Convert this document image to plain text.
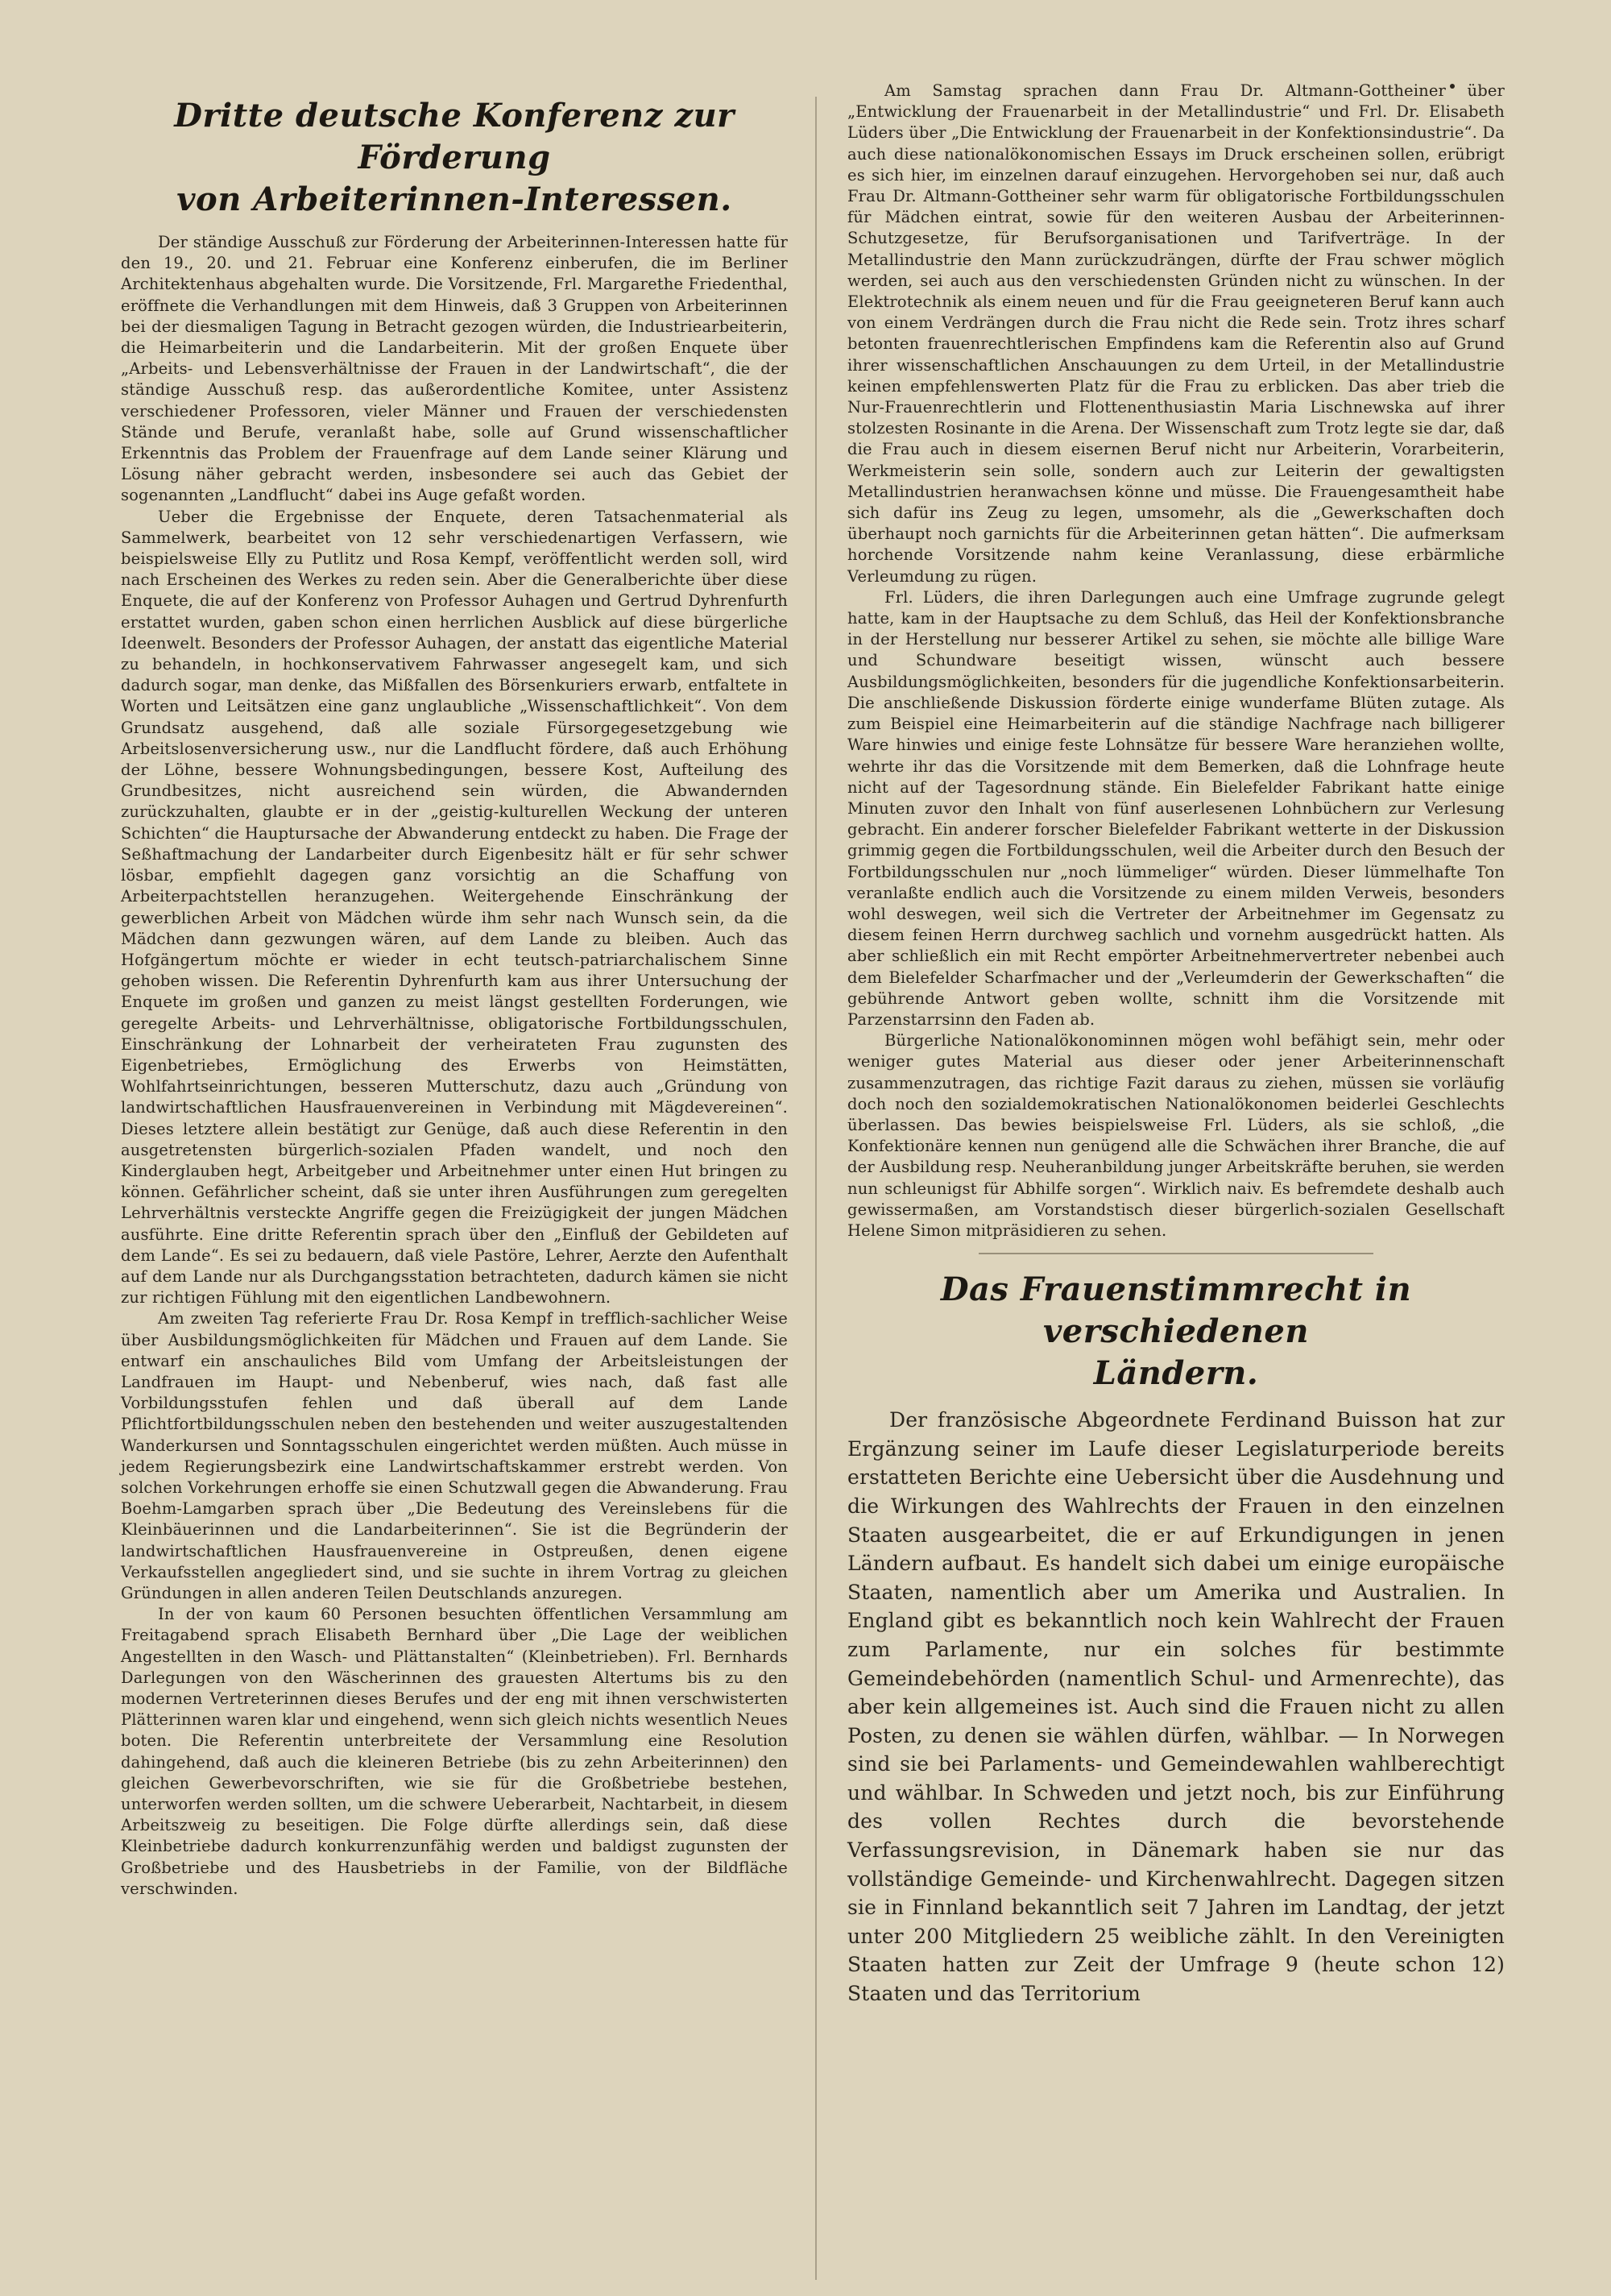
Dritte deutsche Konferenz zur Förderung
von Arbeiterinnen-Interessen.

Der ständige Ausschuß zur Förderung der Arbeiterinnen-Interessen hatte für den 19., 20. und 21. Februar eine Konferenz einberufen, die im Berliner Architektenhaus abgehalten wurde. Die Vorsitzende, Frl. Margarethe Friedenthal, eröffnete die Verhandlungen mit dem Hinweis, daß 3 Gruppen von Arbeiterinnen bei der diesmaligen Tagung in Betracht gezogen würden, die Industriearbeiterin, die Heimarbeiterin und die Landarbeiterin. Mit der großen Enquete über „Arbeits- und Lebensverhältnisse der Frauen in der Landwirtschaft“, die der ständige Ausschuß resp. das außerordentliche Komitee, unter Assistenz verschiedener Professoren, vieler Männer und Frauen der verschiedensten Stände und Berufe, veranlaßt habe, solle auf Grund wissenschaftlicher Erkenntnis das Problem der Frauenfrage auf dem Lande seiner Klärung und Lösung näher gebracht werden, insbesondere sei auch das Gebiet der sogenannten „Landflucht“ dabei ins Auge gefaßt worden.

Ueber die Ergebnisse der Enquete, deren Tatsachenmaterial als Sammelwerk, bearbeitet von 12 sehr verschiedenartigen Verfassern, wie beispielsweise Elly zu Putlitz und Rosa Kempf, veröffentlicht werden soll, wird nach Erscheinen des Werkes zu reden sein. Aber die Generalberichte über diese Enquete, die auf der Konferenz von Professor Auhagen und Gertrud Dyhrenfurth erstattet wurden, gaben schon einen herrlichen Ausblick auf diese bürgerliche Ideenwelt. Besonders der Professor Auhagen, der anstatt das eigentliche Material zu behandeln, in hochkonservativem Fahrwasser angesegelt kam, und sich dadurch sogar, man denke, das Mißfallen des Börsenkuriers erwarb, entfaltete in Worten und Leitsätzen eine ganz unglaubliche „Wissenschaftlichkeit“. Von dem Grundsatz ausgehend, daß alle soziale Fürsorgegesetzgebung wie Arbeitslosenversicherung usw., nur die Landflucht fördere, daß auch Erhöhung der Löhne, bessere Wohnungsbedingungen, bessere Kost, Aufteilung des Grundbesitzes, nicht ausreichend sein würden, die Abwandernden zurückzuhalten, glaubte er in der „geistig-kulturellen Weckung der unteren Schichten“ die Hauptursache der Abwanderung entdeckt zu haben. Die Frage der Seßhaftmachung der Landarbeiter durch Eigenbesitz hält er für sehr schwer lösbar, empfiehlt dagegen ganz vorsichtig an die Schaffung von Arbeiterpachtstellen heranzugehen. Weitergehende Einschränkung der gewerblichen Arbeit von Mädchen würde ihm sehr nach Wunsch sein, da die Mädchen dann gezwungen wären, auf dem Lande zu bleiben. Auch das Hofgängertum möchte er wieder in echt teutsch-patriarchalischem Sinne gehoben wissen. Die Referentin Dyhrenfurth kam aus ihrer Untersuchung der Enquete im großen und ganzen zu meist längst gestellten Forderungen, wie geregelte Arbeits- und Lehrverhältnisse, obligatorische Fortbildungsschulen, Einschränkung der Lohnarbeit der verheirateten Frau zugunsten des Eigenbetriebes, Ermöglichung des Erwerbs von Heimstätten, Wohlfahrtseinrichtungen, besseren Mutterschutz, dazu auch „Gründung von landwirtschaftlichen Hausfrauenvereinen in Verbindung mit Mägdevereinen“. Dieses letztere allein bestätigt zur Genüge, daß auch diese Referentin in den ausgetretensten bürgerlich-sozialen Pfaden wandelt, und noch den Kinderglauben hegt, Arbeitgeber und Arbeitnehmer unter einen Hut bringen zu können. Gefährlicher scheint, daß sie unter ihren Ausführungen zum geregelten Lehrverhältnis versteckte Angriffe gegen die Freizügigkeit der jungen Mädchen ausführte. Eine dritte Referentin sprach über den „Einfluß der Gebildeten auf dem Lande“. Es sei zu bedauern, daß viele Pastöre, Lehrer, Aerzte den Aufenthalt auf dem Lande nur als Durchgangsstation betrachteten, dadurch kämen sie nicht zur richtigen Fühlung mit den eigentlichen Landbewohnern.

Am zweiten Tag referierte Frau Dr. Rosa Kempf in trefflich-sachlicher Weise über Ausbildungsmöglichkeiten für Mädchen und Frauen auf dem Lande. Sie entwarf ein anschauliches Bild vom Umfang der Arbeitsleistungen der Landfrauen im Haupt- und Nebenberuf, wies nach, daß fast alle Vorbildungsstufen fehlen und daß überall auf dem Lande Pflichtfortbildungsschulen neben den bestehenden und weiter auszugestaltenden Wanderkursen und Sonntagsschulen eingerichtet werden müßten. Auch müsse in jedem Regierungsbezirk eine Landwirtschaftskammer erstrebt werden. Von solchen Vorkehrungen erhoffe sie einen Schutzwall gegen die Abwanderung. Frau Boehm-Lamgarben sprach über „Die Bedeutung des Vereinslebens für die Kleinbäuerinnen und die Landarbeiterinnen“. Sie ist die Begründerin der landwirtschaftlichen Hausfrauenvereine in Ostpreußen, denen eigene Verkaufsstellen angegliedert sind, und sie suchte in ihrem Vortrag zu gleichen Gründungen in allen anderen Teilen Deutschlands anzuregen.

In der von kaum 60 Personen besuchten öffentlichen Versammlung am Freitagabend sprach Elisabeth Bernhard über „Die Lage der weiblichen Angestellten in den Wasch- und Plättanstalten“ (Kleinbetrieben). Frl. Bernhards Darlegungen von den Wäscherinnen des grauesten Altertums bis zu den modernen Vertreterinnen dieses Berufes und der eng mit ihnen verschwisterten Plätterinnen waren klar und eingehend, wenn sich gleich nichts wesentlich Neues boten. Die Referentin unterbreitete der Versammlung eine Resolution dahingehend, daß auch die kleineren Betriebe (bis zu zehn Arbeiterinnen) den gleichen Gewerbevorschriften, wie sie für die Großbetriebe bestehen, unterworfen werden sollten, um die schwere Ueberarbeit, Nachtarbeit, in diesem Arbeitszweig zu beseitigen. Die Folge dürfte allerdings sein, daß diese Kleinbetriebe dadurch konkurrenzunfähig werden und baldigst zugunsten der Großbetriebe und des Hausbetriebs in der Familie, von der Bildfläche verschwinden.

Am Samstag sprachen dann Frau Dr. Altmann-Gottheiner über „Entwicklung der Frauenarbeit in der Metallindustrie“ und Frl. Dr. Elisabeth Lüders über „Die Entwicklung der Frauenarbeit in der Konfektionsindustrie“. Da auch diese nationalökonomischen Essays im Druck erscheinen sollen, erübrigt es sich hier, im einzelnen darauf einzugehen. Hervorgehoben sei nur, daß auch Frau Dr. Altmann-Gottheiner sehr warm für obligatorische Fortbildungsschulen für Mädchen eintrat, sowie für den weiteren Ausbau der Arbeiterinnen-Schutzgesetze, für Berufsorganisationen und Tarifverträge. In der Metallindustrie den Mann zurückzudrängen, dürfte der Frau schwer möglich werden, sei auch aus den verschiedensten Gründen nicht zu wünschen. In der Elektrotechnik als einem neuen und für die Frau geeigneteren Beruf kann auch von einem Verdrängen durch die Frau nicht die Rede sein. Trotz ihres scharf betonten frauenrechtlerischen Empfindens kam die Referentin also auf Grund ihrer wissenschaftlichen Anschauungen zu dem Urteil, in der Metallindustrie keinen empfehlenswerten Platz für die Frau zu erblicken. Das aber trieb die Nur-Frauenrechtlerin und Flottenenthusiastin Maria Lischnewska auf ihrer stolzesten Rosinante in die Arena. Der Wissenschaft zum Trotz legte sie dar, daß die Frau auch in diesem eisernen Beruf nicht nur Arbeiterin, Vorarbeiterin, Werkmeisterin sein solle, sondern auch zur Leiterin der gewaltigsten Metallindustrien heranwachsen könne und müsse. Die Frauengesamtheit habe sich dafür ins Zeug zu legen, umsomehr, als die „Gewerkschaften doch überhaupt noch garnichts für die Arbeiterinnen getan hätten“. Die aufmerksam horchende Vorsitzende nahm keine Veranlassung, diese erbärmliche Verleumdung zu rügen.

Frl. Lüders, die ihren Darlegungen auch eine Umfrage zugrunde gelegt hatte, kam in der Hauptsache zu dem Schluß, das Heil der Konfektionsbranche in der Herstellung nur besserer Artikel zu sehen, sie möchte alle billige Ware und Schundware beseitigt wissen, wünscht auch bessere Ausbildungsmöglichkeiten, besonders für die jugendliche Konfektionsarbeiterin. Die anschließende Diskussion förderte einige wunderfame Blüten zutage. Als zum Beispiel eine Heimarbeiterin auf die ständige Nachfrage nach billigerer Ware hinwies und einige feste Lohnsätze für bessere Ware heranziehen wollte, wehrte ihr das die Vorsitzende mit dem Bemerken, daß die Lohnfrage heute nicht auf der Tagesordnung stände. Ein Bielefelder Fabrikant hatte einige Minuten zuvor den Inhalt von fünf auserlesenen Lohnbüchern zur Verlesung gebracht. Ein anderer forscher Bielefelder Fabrikant wetterte in der Diskussion grimmig gegen die Fortbildungsschulen, weil die Arbeiter durch den Besuch der Fortbildungsschulen nur „noch lümmeliger“ würden. Dieser lümmelhafte Ton veranlaßte endlich auch die Vorsitzende zu einem milden Verweis, besonders wohl deswegen, weil sich die Vertreter der Arbeitnehmer im Gegensatz zu diesem feinen Herrn durchweg sachlich und vornehm ausgedrückt hatten. Als aber schließlich ein mit Recht empörter Arbeitnehmervertreter nebenbei auch dem Bielefelder Scharfmacher und der „Verleumderin der Gewerkschaften“ die gebührende Antwort geben wollte, schnitt ihm die Vorsitzende mit Parzenstarrsinn den Faden ab.

Bürgerliche Nationalökonominnen mögen wohl befähigt sein, mehr oder weniger gutes Material aus dieser oder jener Arbeiterinnenschaft zusammenzutragen, das richtige Fazit daraus zu ziehen, müssen sie vorläufig doch noch den sozialdemokratischen Nationalökonomen beiderlei Geschlechts überlassen. Das bewies beispielsweise Frl. Lüders, als sie schloß, „die Konfektionäre kennen nun genügend alle die Schwächen ihrer Branche, die auf der Ausbildung resp. Neuheranbildung junger Arbeitskräfte beruhen, sie werden nun schleunigst für Abhilfe sorgen“. Wirklich naiv. Es befremdete deshalb auch gewissermaßen, am Vorstandstisch dieser bürgerlich-sozialen Gesellschaft Helene Simon mitpräsidieren zu sehen.

Das Frauenstimmrecht in verschiedenen
Ländern.

Der französische Abgeordnete Ferdinand Buisson hat zur Ergänzung seiner im Laufe dieser Legislaturperiode bereits erstatteten Berichte eine Uebersicht über die Ausdehnung und die Wirkungen des Wahlrechts der Frauen in den einzelnen Staaten ausgearbeitet, die er auf Erkundigungen in jenen Ländern aufbaut. Es handelt sich dabei um einige europäische Staaten, namentlich aber um Amerika und Australien. In England gibt es bekanntlich noch kein Wahlrecht der Frauen zum Parlamente, nur ein solches für bestimmte Gemeindebehörden (namentlich Schul- und Armenrechte), das aber kein allgemeines ist. Auch sind die Frauen nicht zu allen Posten, zu denen sie wählen dürfen, wählbar. — In Norwegen sind sie bei Parlaments- und Gemeindewahlen wahlberechtigt und wählbar. In Schweden und jetzt noch, bis zur Einführung des vollen Rechtes durch die bevorstehende Verfassungsrevision, in Dänemark haben sie nur das vollständige Gemeinde- und Kirchenwahlrecht. Dagegen sitzen sie in Finnland bekanntlich seit 7 Jahren im Landtag, der jetzt unter 200 Mitgliedern 25 weibliche zählt. In den Vereinigten Staaten hatten zur Zeit der Umfrage 9 (heute schon 12) Staaten und das Territorium
